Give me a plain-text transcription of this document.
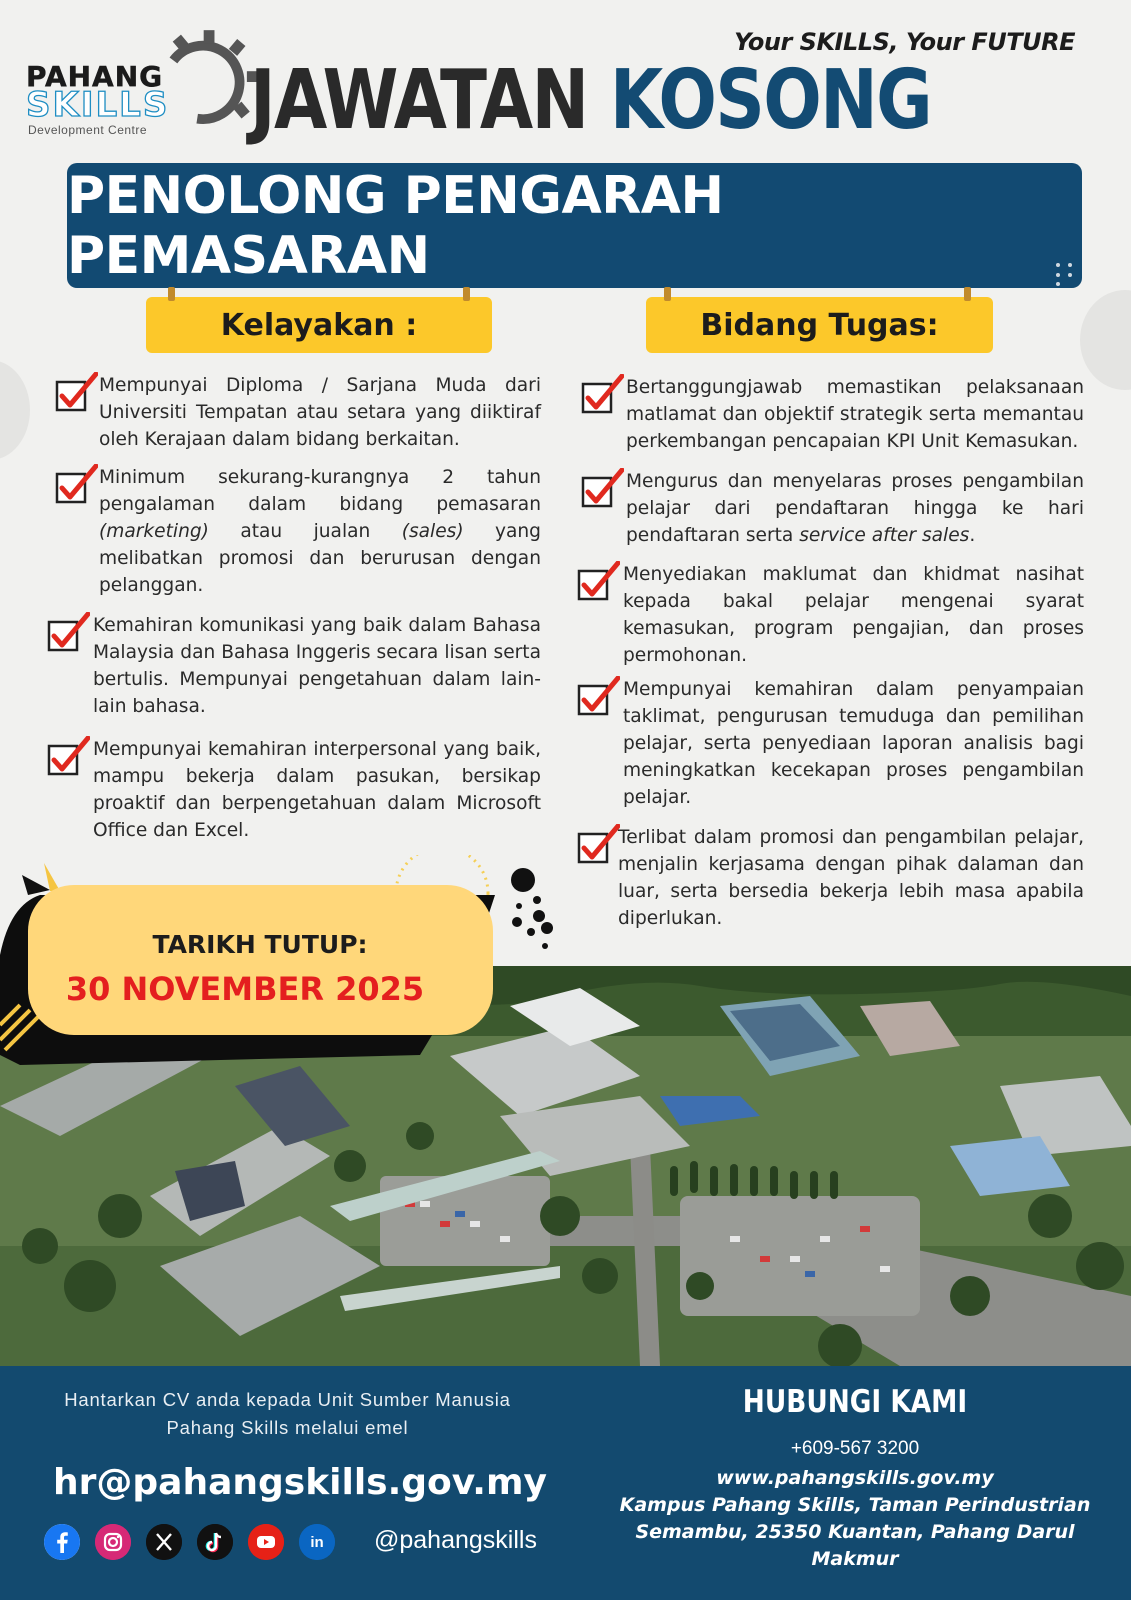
PAHANG
SKILLS
Development Centre
Your SKILLS, Your FUTURE
JAWATAN KOSONG
PENOLONG PENGARAH PEMASARAN
Kelayakan :	Bidang Tugas:
Mempunyai Diploma / Sarjana Muda dari Universiti Tempatan atau setara yang diiktiraf oleh Kerajaan dalam bidang berkaitan.
Minimum sekurang-kurangnya 2 tahun pengalaman dalam bidang pemasaran (marketing) atau jualan (sales) yang melibatkan promosi dan berurusan dengan pelanggan.
Kemahiran komunikasi yang baik dalam Bahasa Malaysia dan Bahasa Inggeris secara lisan serta bertulis. Mempunyai pengetahuan dalam lain-lain bahasa.
Mempunyai kemahiran interpersonal yang baik, mampu bekerja dalam pasukan, bersikap proaktif dan berpengetahuan dalam Microsoft Office dan Excel.
Bertanggungjawab memastikan pelaksanaan matlamat dan objektif strategik serta memantau perkembangan pencapaian KPI Unit Kemasukan.
Mengurus dan menyelaras proses pengambilan pelajar dari pendaftaran hingga ke hari pendaftaran serta service after sales.
Menyediakan maklumat dan khidmat nasihat kepada bakal pelajar mengenai syarat kemasukan, program pengajian, dan proses permohonan.
Mempunyai kemahiran dalam penyampaian taklimat, pengurusan temuduga dan pemilihan pelajar, serta penyediaan laporan analisis bagi meningkatkan kecekapan proses pengambilan pelajar.
Terlibat dalam promosi dan pengambilan pelajar, menjalin kerjasama dengan pihak dalaman dan luar, serta bersedia bekerja lebih masa apabila diperlukan.
TARIKH TUTUP:
30 NOVEMBER 2025
Hantarkan CV anda kepada Unit Sumber Manusia Pahang Skills melalui emel
hr@pahangskills.gov.my
in @pahangskills
HUBUNGI KAMI
+609-567 3200
www.pahangskills.gov.my
Kampus Pahang Skills, Taman Perindustrian Semambu, 25350 Kuantan, Pahang Darul Makmur
